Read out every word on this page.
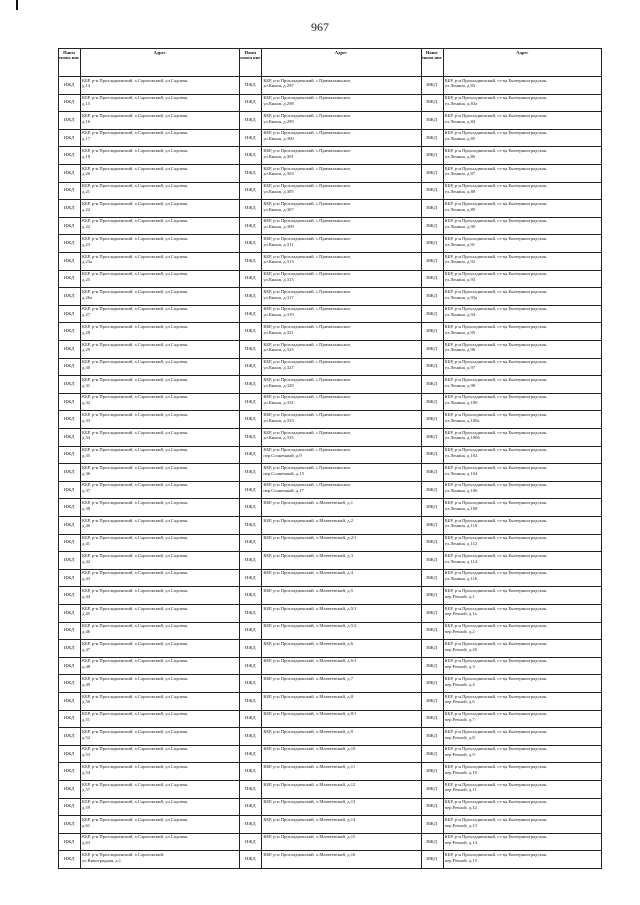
967
Наим енова ние
Адрес
ИЖД
КБР, р-н Прохладненский, х.Саратовский, ул.Садовая,
д.14
ИЖД
КБР, р-н Прохладненский, х.Саратовский, ул.Садовая,
д.15
ИЖД
КБР, р-н Прохладненский, х.Саратовский, ул.Садовая,
д.16
ИЖД
КБР, р-н Прохладненский, х.Саратовский, ул.Садовая,
д.17
ИЖД
КБР, р-н Прохладненский, х.Саратовский, ул.Садовая,
д.18
ИЖД
КБР, р-н Прохладненский, х.Саратовский, ул.Садовая,
д.20
ИЖД
КБР, р-н Прохладненский, х.Саратовский, ул.Садовая,
д.21
ИЖД
КБР, р-н Прохладненский, х.Саратовский, ул.Садовая,
д.22
ИЖД
КБР, р-н Прохладненский, х.Саратовский, ул.Садовая,
д.22
ИЖД
КБР, р-н Прохладненский, х.Саратовский, ул.Садовая,
д.23
ИЖД
КБР, р-н Прохладненский, х.Саратовский, ул.Садовая,
д.23а
ИЖД
КБР, р-н Прохладненский, х.Саратовский, ул.Садовая,
д.25
ИЖД
КБР, р-н Прохладненский, х.Саратовский, ул.Садовая,
д.26а
ИЖД
КБР, р-н Прохладненский, х.Саратовский, ул.Садовая,
д.27
ИЖД
КБР, р-н Прохладненский, х.Саратовский, ул.Садовая,
д.28
ИЖД
КБР, р-н Прохладненский, х.Саратовский, ул.Садовая,
д.29
ИЖД
КБР, р-н Прохладненский, х.Саратовский, ул.Садовая,
д.30
ИЖД
КБР, р-н Прохладненский, х.Саратовский, ул.Садовая,
д.31
ИЖД
КБР, р-н Прохладненский, х.Саратовский, ул.Садовая,
д.32
ИЖД
КБР, р-н Прохладненский, х.Саратовский, ул.Садовая,
д.33
ИЖД
КБР, р-н Прохладненский, х.Саратовский, ул.Садовая,
д.34
ИЖД
КБР, р-н Прохладненский, х.Саратовский, ул.Садовая,
д.35
ИЖД
КБР, р-н Прохладненский, х.Саратовский, ул.Садовая,
д.36
ИЖД
КБР, р-н Прохладненский, х.Саратовский, ул.Садовая,
д.37
ИЖД
КБР, р-н Прохладненский, х.Саратовский, ул.Садовая,
д.38
ИЖД
КБР, р-н Прохладненский, х.Саратовский, ул.Садовая,
д.40
ИЖД
КБР, р-н Прохладненский, х.Саратовский, ул.Садовая,
д.41
ИЖД
КБР, р-н Прохладненский, х.Саратовский, ул.Садовая,
д.42
ИЖД
КБР, р-н Прохладненский, х.Саратовский, ул.Садовая,
д.43
ИЖД
КБР, р-н Прохладненский, х.Саратовский, ул.Садовая,
д.44
ИЖД
КБР, р-н Прохладненский, х.Саратовский, ул.Садовая,
д.45
ИЖД
КБР, р-н Прохладненский, х.Саратовский, ул.Садовая,
д.46
ИЖД
КБР, р-н Прохладненский, х.Саратовский, ул.Садовая,
д.47
ИЖД
КБР, р-н Прохладненский, х.Саратовский, ул.Садовая,
д.48
ИЖД
КБР, р-н Прохладненский, х.Саратовский, ул.Садовая,
д.49
ИЖД
КБР, р-н Прохладненский, х.Саратовский, ул.Садовая,
д.50
ИЖД
КБР, р-н Прохладненский, х.Саратовский, ул.Садовая,
д.51
ИЖД
КБР, р-н Прохладненский, х.Саратовский, ул.Садовая,
д.52
ИЖД
КБР, р-н Прохладненский, х.Саратовский, ул.Садовая,
д.53
ИЖД
КБР, р-н Прохладненский, х.Саратовский, ул.Садовая,
д.54
ИЖД
КБР, р-н Прохладненский, х.Саратовский, ул.Садовая,
д.57
ИЖД
КБР, р-н Прохладненский, х.Саратовский, ул.Садовая,
д.59
ИЖД
КБР, р-н Прохладненский, х.Саратовский, ул.Садовая,
д.61
ИЖД
КБР, р-н Прохладненский, х.Саратовский, ул.Садовая,
д.63
ИЖД
КБР, р-н Прохладненский, х.Саратовский,
ул.Виноградная, д.1
Наим енова ние
Адрес
ИЖД
КБР, р-н Прохладненский, с.Прималкинское,
ул.Кныш, д.297
ИЖД
КБР, р-н Прохладненский, с.Прималкинское,
ул.Кныш, д.298
ИЖД
КБР, р-н Прохладненский, с.Прималкинское,
ул.Кныш, д.299
ИЖД
КБР, р-н Прохладненский, с.Прималкинское,
ул.Кныш, д.300
ИЖД
КБР, р-н Прохладненский, с.Прималкинское,
ул.Кныш, д.301
ИЖД
КБР, р-н Прохладненский, с.Прималкинское,
ул.Кныш, д.303
ИЖД
КБР, р-н Прохладненский, с.Прималкинское,
ул.Кныш, д.305
ИЖД
КБР, р-н Прохладненский, с.Прималкинское,
ул.Кныш, д.307
ИЖД
КБР, р-н Прохладненский, с.Прималкинское,
ул.Кныш, д.309
ИЖД
КБР, р-н Прохладненский, с.Прималкинское,
ул.Кныш, д.311
ИЖД
КБР, р-н Прохладненский, с.Прималкинское,
ул.Кныш, д.313
ИЖД
КБР, р-н Прохладненский, с.Прималкинское,
ул.Кныш, д.315
ИЖД
КБР, р-н Прохладненский, с.Прималкинское,
ул.Кныш, д.317
ИЖД
КБР, р-н Прохладненский, с.Прималкинское,
ул.Кныш, д.319
ИЖД
КБР, р-н Прохладненский, с.Прималкинское,
ул.Кныш, д.321
ИЖД
КБР, р-н Прохладненский, с.Прималкинское,
ул.Кныш, д.325
ИЖД
КБР, р-н Прохладненский, с.Прималкинское,
ул.Кныш, д.327
ИЖД
КБР, р-н Прохладненский, с.Прималкинское,
ул.Кныш, д.329
ИЖД
КБР, р-н Прохладненский, с.Прималкинское,
ул.Кныш, д.331
ИЖД
КБР, р-н Прохладненский, с.Прималкинское,
ул.Кныш, д.333
ИЖД
КБР, р-н Прохладненский, с.Прималкинское,
ул.Кныш, д.335
ИЖД
КБР, р-н Прохладненский, с.Прималкинское,
пер.Солнечный, д.9
ИЖД
КБР, р-н Прохладненский, с.Прималкинское,
пер.Солнечный, д.15
ИЖД
КБР, р-н Прохладненский, с.Прималкинское,
пер.Солнечный, д.17
ИЖД
КБР, р-н Прохладненский, х.Матвеевский, д.1
ИЖД
КБР, р-н Прохладненский, х.Матвеевский, д.2
ИЖД
КБР, р-н Прохладненский, х.Матвеевский, д.2/1
ИЖД
КБР, р-н Прохладненский, х.Матвеевский, д.3
ИЖД
КБР, р-н Прохладненский, х.Матвеевский, д.4
ИЖД
КБР, р-н Прохладненский, х.Матвеевский, д.5
ИЖД
КБР, р-н Прохладненский, х.Матвеевский, д.5/1
ИЖД
КБР, р-н Прохладненский, х.Матвеевский, д.5/2
ИЖД
КБР, р-н Прохладненский, х.Матвеевский, д.6
ИЖД
КБР, р-н Прохладненский, х.Матвеевский, д.6/1
ИЖД
КБР, р-н Прохладненский, х.Матвеевский, д.7
ИЖД
КБР, р-н Прохладненский, х.Матвеевский, д.8
ИЖД
КБР, р-н Прохладненский, х.Матвеевский, д.8/1
ИЖД
КБР, р-н Прохладненский, х.Матвеевский, д.9
ИЖД
КБР, р-н Прохладненский, х.Матвеевский, д.10
ИЖД
КБР, р-н Прохладненский, х.Матвеевский, д.11
ИЖД
КБР, р-н Прохладненский, х.Матвеевский, д.12
ИЖД
КБР, р-н Прохладненский, х.Матвеевский, д.13
ИЖД
КБР, р-н Прохладненский, х.Матвеевский, д.14
ИЖД
КБР, р-н Прохладненский, х.Матвеевский, д.15
ИЖД
КБР, р-н Прохладненский, х.Матвеевский, д.16
Наим енова ние
Адрес
ИЖД
КБР, р-н Прохладненский, ст-ца.Екатериноградская,
ул.Ленина, д.83
ИЖД
КБР, р-н Прохладненский, ст-ца.Екатериноградская,
ул.Ленина, д.83а
ИЖД
КБР, р-н Прохладненский, ст-ца.Екатериноградская,
ул.Ленина, д.84
ИЖД
КБР, р-н Прохладненский, ст-ца.Екатериноградская,
ул.Ленина, д.85
ИЖД
КБР, р-н Прохладненский, ст-ца.Екатериноградская,
ул.Ленина, д.86
ИЖД
КБР, р-н Прохладненский, ст-ца.Екатериноградская,
ул.Ленина, д.87
ИЖД
КБР, р-н Прохладненский, ст-ца.Екатериноградская,
ул.Ленина, д.88
ИЖД
КБР, р-н Прохладненский, ст-ца.Екатериноградская,
ул.Ленина, д.89
ИЖД
КБР, р-н Прохладненский, ст-ца.Екатериноградская,
ул.Ленина, д.90
ИЖД
КБР, р-н Прохладненский, ст-ца.Екатериноградская,
ул.Ленина, д.91
ИЖД
КБР, р-н Прохладненский, ст-ца.Екатериноградская,
ул.Ленина, д.92
ИЖД
КБР, р-н Прохладненский, ст-ца.Екатериноградская,
ул.Ленина, д.93
ИЖД
КБР, р-н Прохладненский, ст-ца.Екатериноградская,
ул.Ленина, д.93а
ИЖД
КБР, р-н Прохладненский, ст-ца.Екатериноградская,
ул.Ленина, д.94
ИЖД
КБР, р-н Прохладненский, ст-ца.Екатериноградская,
ул.Ленина, д.95
ИЖД
КБР, р-н Прохладненский, ст-ца.Екатериноградская,
ул.Ленина, д.96
ИЖД
КБР, р-н Прохладненский, ст-ца.Екатериноградская,
ул.Ленина, д.97
ИЖД
КБР, р-н Прохладненский, ст-ца.Екатериноградская,
ул.Ленина, д.98
ИЖД
КБР, р-н Прохладненский, ст-ца.Екатериноградская,
ул.Ленина, д.100
ИЖД
КБР, р-н Прохладненский, ст-ца.Екатериноградская,
ул.Ленина, д.100а
ИЖД
КБР, р-н Прохладненский, ст-ца.Екатериноградская,
ул.Ленина, д.100б
ИЖД
КБР, р-н Прохладненский, ст-ца.Екатериноградская,
ул.Ленина, д.102
ИЖД
КБР, р-н Прохладненский, ст-ца.Екатериноградская,
ул.Ленина, д.104
ИЖД
КБР, р-н Прохладненский, ст-ца.Екатериноградская,
ул.Ленина, д.106
ИЖД
КБР, р-н Прохладненский, ст-ца.Екатериноградская,
ул.Ленина, д.108
ИЖД
КБР, р-н Прохладненский, ст-ца.Екатериноградская,
ул.Ленина, д.110
ИЖД
КБР, р-н Прохладненский, ст-ца.Екатериноградская,
ул.Ленина, д.112
ИЖД
КБР, р-н Прохладненский, ст-ца.Екатериноградская,
ул.Ленина, д.114
ИЖД
КБР, р-н Прохладненский, ст-ца.Екатериноградская,
ул.Ленина, д.116
ИЖД
КБР, р-н Прохладненский, ст-ца.Екатериноградская,
пер.Речной, д.1
ИЖД
КБР, р-н Прохладненский, ст-ца.Екатериноградская,
пер.Речной, д.1а
ИЖД
КБР, р-н Прохладненский, ст-ца.Екатериноградская,
пер.Речной, д.2
ИЖД
КБР, р-н Прохладненский, ст-ца.Екатериноградская,
пер.Речной, д.2б
ИЖД
КБР, р-н Прохладненский, ст-ца.Екатериноградская,
пер.Речной, д.3
ИЖД
КБР, р-н Прохладненский, ст-ца.Екатериноградская,
пер.Речной, д.4
ИЖД
КБР, р-н Прохладненский, ст-ца.Екатериноградская,
пер.Речной, д.6
ИЖД
КБР, р-н Прохладненский, ст-ца.Екатериноградская,
пер.Речной, д.7
ИЖД
КБР, р-н Прохладненский, ст-ца.Екатериноградская,
пер.Речной, д.8
ИЖД
КБР, р-н Прохладненский, ст-ца.Екатериноградская,
пер.Речной, д.9
ИЖД
КБР, р-н Прохладненский, ст-ца.Екатериноградская,
пер.Речной, д.10
ИЖД
КБР, р-н Прохладненский, ст-ца.Екатериноградская,
пер.Речной, д.11
ИЖД
КБР, р-н Прохладненский, ст-ца.Екатериноградская,
пер.Речной, д.12
ИЖД
КБР, р-н Прохладненский, ст-ца.Екатериноградская,
пер.Речной, д.13
ИЖД
КБР, р-н Прохладненский, ст-ца.Екатериноградская,
пер.Речной, д.14
ИЖД
КБР, р-н Прохладненский, ст-ца.Екатериноградская,
пер.Речной, д.15
